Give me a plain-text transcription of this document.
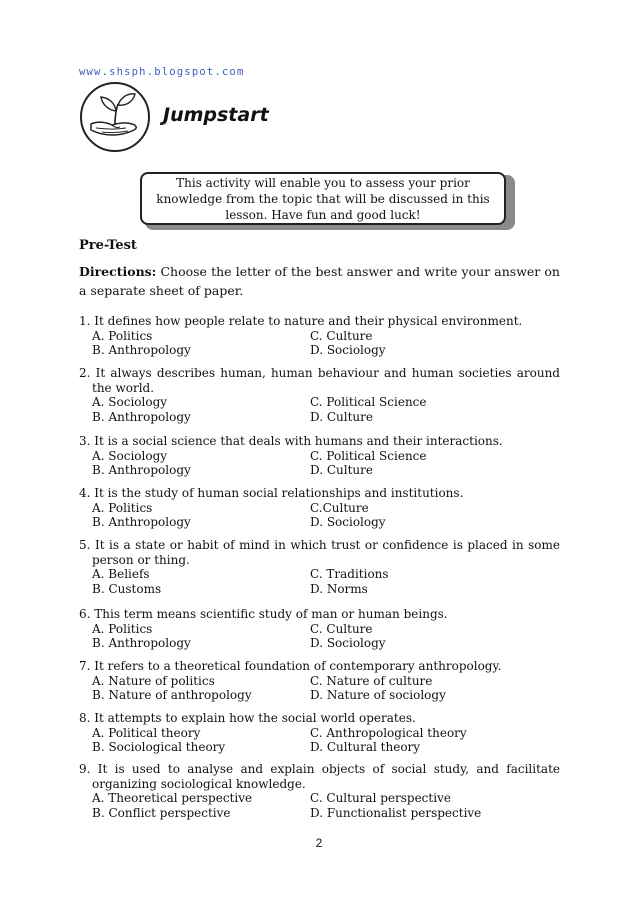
www.shsph.blogspot.com
Jumpstart
This activity will enable you to assess your prior knowledge from the topic that will be discussed in this lesson. Have fun and good luck!
Pre-Test
Directions: Choose the letter of the best answer and write your answer on a separate sheet of paper.
1. It defines how people relate to nature and their physical environment.
A. Politics	C. Culture
B. Anthropology	D. Sociology
2. It always describes human, human behaviour and human societies around the world.
A. Sociology	C. Political Science
B. Anthropology	D. Culture
3. It is a social science that deals with humans and their interactions.
A. Sociology	C. Political Science
B. Anthropology	D. Culture
4. It is the study of human social relationships and institutions.
A. Politics	C.Culture
B. Anthropology	D. Sociology
5. It is a state or habit of mind in which trust or confidence is placed in some person or thing.
A. Beliefs	C. Traditions
B. Customs	D. Norms
6. This term means scientific study of man or human beings.
A. Politics	C. Culture
B. Anthropology	D. Sociology
7. It refers to a theoretical foundation of contemporary anthropology.
A. Nature of politics	C. Nature of culture
B. Nature of anthropology	D. Nature of sociology
8. It attempts to explain how the social world operates.
A. Political theory	C. Anthropological theory
B. Sociological theory	D. Cultural theory
9. It is used to analyse and explain objects of social study, and facilitate organizing sociological knowledge.
A. Theoretical perspective	C. Cultural perspective
B. Conflict perspective	D. Functionalist perspective
2
